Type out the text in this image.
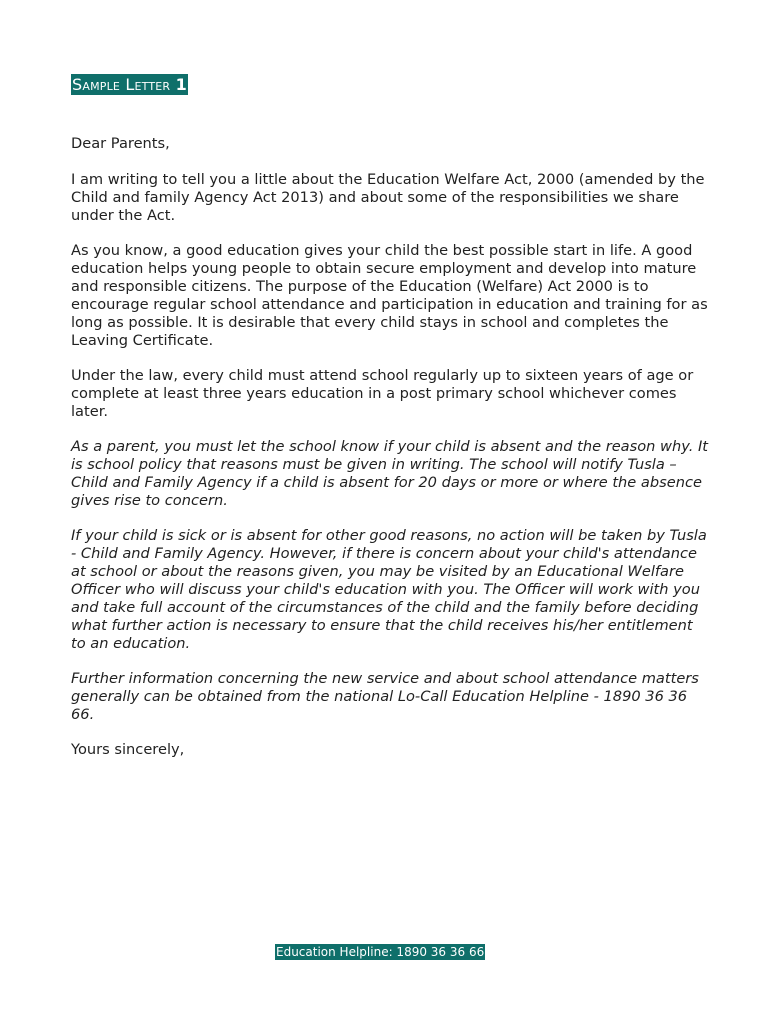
Sample Letter 1

Dear Parents,

I am writing to tell you a little about the Education Welfare Act, 2000 (amended by the Child and family Agency Act 2013) and about some of the responsibilities we share under the Act.

As you know, a good education gives your child the best possible start in life. A good education helps young people to obtain secure employment and develop into mature and responsible citizens. The purpose of the Education (Welfare) Act 2000 is to encourage regular school attendance and participation in education and training for as long as possible. It is desirable that every child stays in school and completes the Leaving Certificate.

Under the law, every child must attend school regularly up to sixteen years of age or complete at least three years education in a post primary school whichever comes later.

As a parent, you must let the school know if your child is absent and the reason why. It is school policy that reasons must be given in writing. The school will notify Tusla – Child and Family Agency if a child is absent for 20 days or more or where the absence gives rise to concern.

If your child is sick or is absent for other good reasons, no action will be taken by Tusla - Child and Family Agency. However, if there is concern about your child's attendance at school or about the reasons given, you may be visited by an Educational Welfare Officer who will discuss your child's education with you. The Officer will work with you and take full account of the circumstances of the child and the family before deciding what further action is necessary to ensure that the child receives his/her entitlement to an education.

Further information concerning the new service and about school attendance matters generally can be obtained from the national Lo-Call Education Helpline - 1890 36 36 66.

Yours sincerely,

Education Helpline: 1890 36 36 66
